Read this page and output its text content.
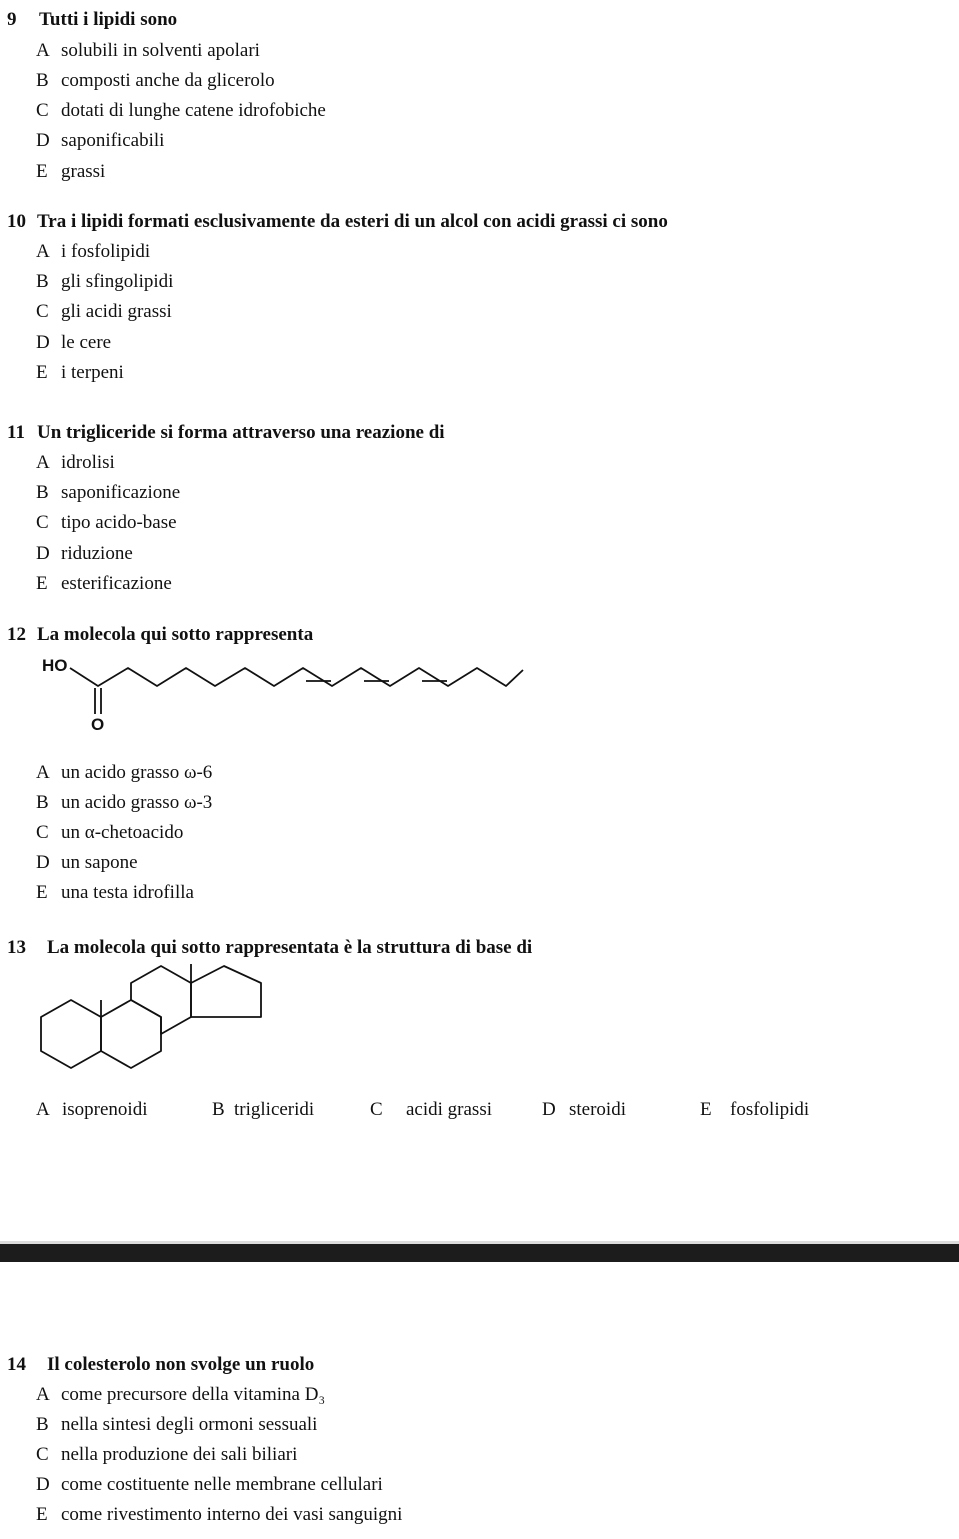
9 Tutti i lipidi sono
A solubili in solventi apolari
B composti anche da glicerolo
C dotati di lunghe catene idrofobiche
D saponificabili
E grassi
10 Tra i lipidi formati esclusivamente da esteri di un alcol con acidi grassi ci sono
A i fosfolipidi
B gli sfingolipidi
C gli acidi grassi
D le cere
E i terpeni
11 Un trigliceride si forma attraverso una reazione di
A idrolisi
B saponificazione
C tipo acido-base
D riduzione
E esterificazione
12 La molecola qui sotto rappresenta
HO
O
A un acido grasso ω-6
B un acido grasso ω-3
C un α-chetoacido
D un sapone
E una testa idrofilla
13 La molecola qui sotto rappresentata è la struttura di base di
A isoprenoidi	B trigliceridi	C acidi grassi	D steroidi	E fosfolipidi
14 Il colesterolo non svolge un ruolo
A come precursore della vitamina D₃
B nella sintesi degli ormoni sessuali
C nella produzione dei sali biliari
D come costituente nelle membrane cellulari
E come rivestimento interno dei vasi sanguigni
